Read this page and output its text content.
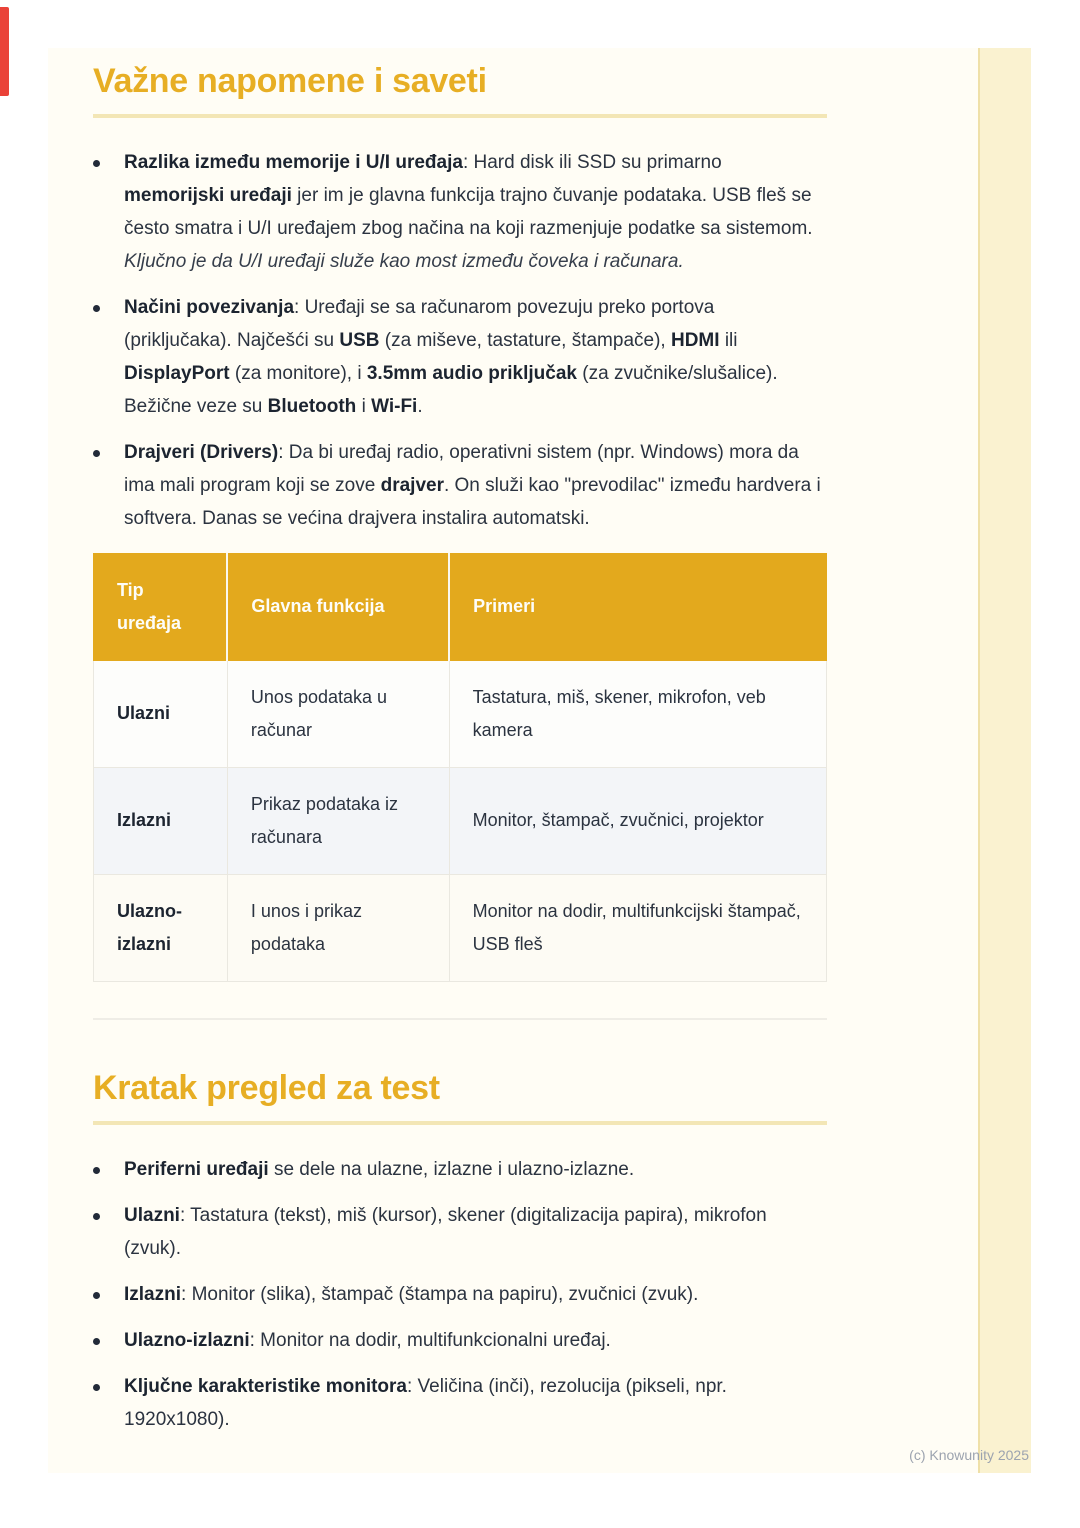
Važne napomene i saveti

Razlika između memorije i U/I uređaja: Hard disk ili SSD su primarno memorijski uređaji jer im je glavna funkcija trajno čuvanje podataka. USB fleš se često smatra i U/I uređajem zbog načina na koji razmenjuje podatke sa sistemom. Ključno je da U/I uređaji služe kao most između čoveka i računara.

Načini povezivanja: Uređaji se sa računarom povezuju preko portova (priključaka). Najčešći su USB (za miševe, tastature, štampače), HDMI ili DisplayPort (za monitore), i 3.5mm audio priključak (za zvučnike/slušalice). Bežične veze su Bluetooth i Wi-Fi.

Drajveri (Drivers): Da bi uređaj radio, operativni sistem (npr. Windows) mora da ima mali program koji se zove drajver. On služi kao "prevodilac" između hardvera i softvera. Danas se većina drajvera instalira automatski.

Tip uređaja	Glavna funkcija	Primeri
Ulazni	Unos podataka u računar	Tastatura, miš, skener, mikrofon, veb kamera
Izlazni	Prikaz podataka iz računara	Monitor, štampač, zvučnici, projektor
Ulazno-izlazni	I unos i prikaz podataka	Monitor na dodir, multifunkcijski štampač, USB fleš
Kratak pregled za test

Periferni uređaji se dele na ulazne, izlazne i ulazno-izlazne.

Ulazni: Tastatura (tekst), miš (kursor), skener (digitalizacija papira), mikrofon (zvuk).

Izlazni: Monitor (slika), štampač (štampa na papiru), zvučnici (zvuk).

Ulazno-izlazni: Monitor na dodir, multifunkcionalni uređaj.

Ključne karakteristike monitora: Veličina (inči), rezolucija (pikseli, npr. 1920x1080).

(c) Knowunity 2025
